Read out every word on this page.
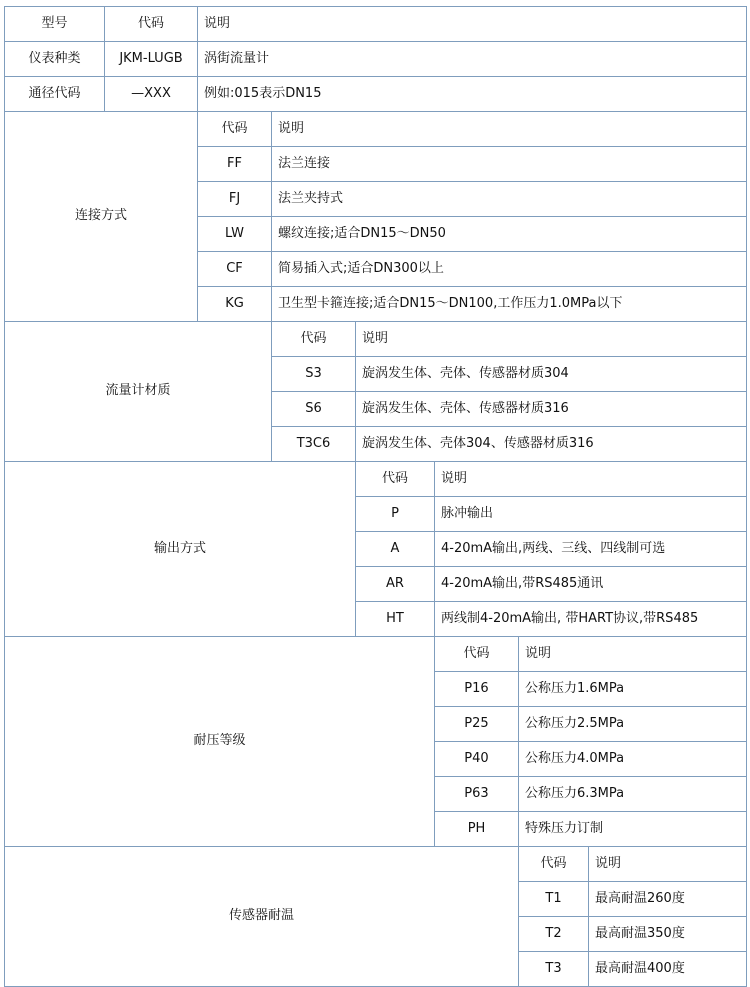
型号	代码	说明					
仪表种类	JKM-LUGB	涡街流量计					
通径代码	—XXX	例如:015表示DN15					
连接方式		代码	说明				
		FF	法兰连接				
		FJ	法兰夹持式				
		LW	螺纹连接;适合DN15～DN50				
		CF	简易插入式;适合DN300以上				
		KG	卫生型卡箍连接;适合DN15～DN100,工作压力1.0MPa以下				
流量计材质			代码	说明			
			S3	旋涡发生体、壳体、传感器材质304			
			S6	旋涡发生体、壳体、传感器材质316			
			T3C6	旋涡发生体、壳体304、传感器材质316			
输出方式				代码	说明		
				P	脉冲输出		
				A	4-20mA输出,两线、三线、四线制可选		
				AR	4-20mA输出,带RS485通讯		
				HT	两线制4-20mA输出, 带HART协议,带RS485		
耐压等级					代码	说明	
					P16	公称压力1.6MPa	
					P25	公称压力2.5MPa	
					P40	公称压力4.0MPa	
					P63	公称压力6.3MPa	
					PH	特殊压力订制	
传感器耐温						代码	说明
						T1	最高耐温260度
						T2	最高耐温350度
						T3	最高耐温400度
